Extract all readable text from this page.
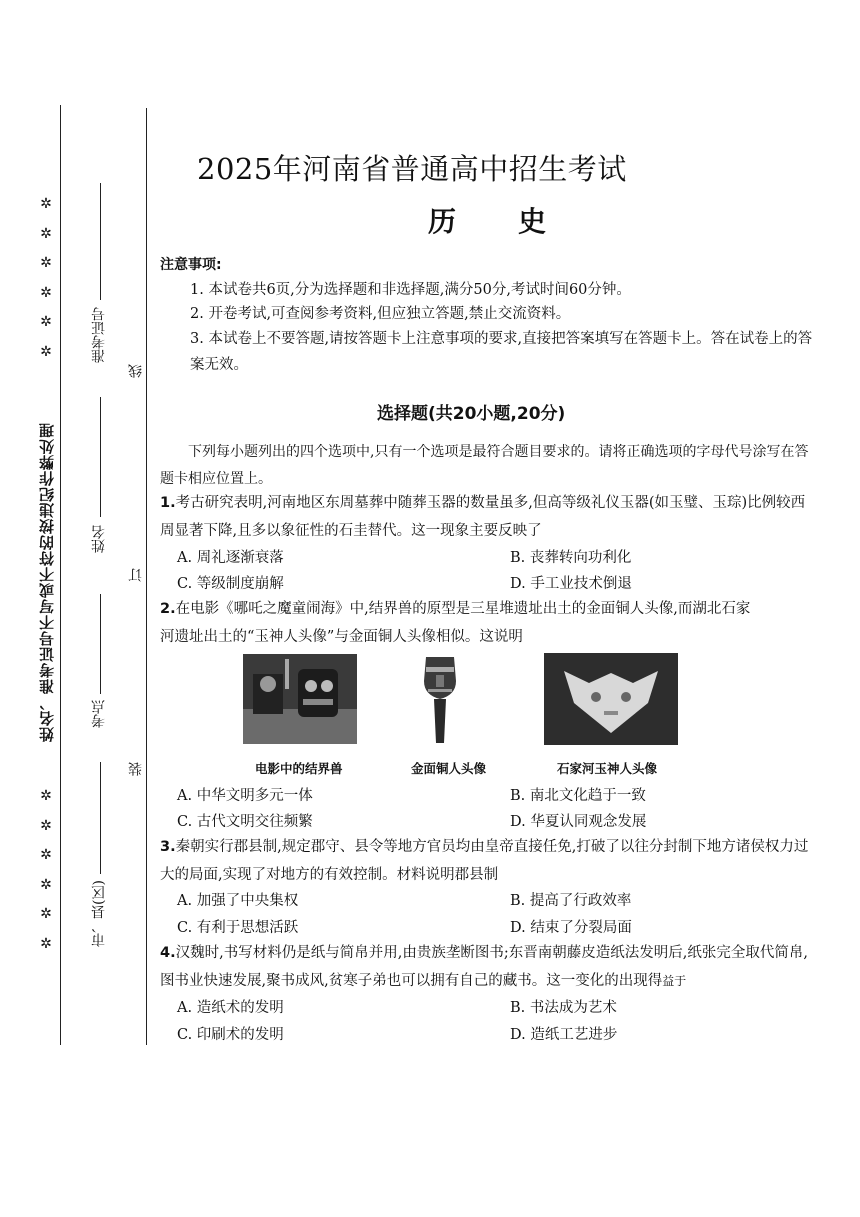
✲
✲
✲
✲
✲
✲
✲
✲
✲
✲
✲
✲
姓名、准考证号不写或不符的按违纪作弊处理
准考证号
姓名
考点
市、县(区)
线
订
装
2025年河南省普通高中招生考试
历史
注意事项:
1. 本试卷共6页,分为选择题和非选择题,满分50分,考试时间60分钟。
2. 开卷考试,可查阅参考资料,但应独立答题,禁止交流资料。
3. 本试卷上不要答题,请按答题卡上注意事项的要求,直接把答案填写在答题卡上。答在试卷上的答案无效。
选择题(共20小题,20分)
下列每小题列出的四个选项中,只有一个选项是最符合题目要求的。请将正确选项的字母代号涂写在答题卡相应位置上。
1.考古研究表明,河南地区东周墓葬中随葬玉器的数量虽多,但高等级礼仪玉器(如玉璧、玉琮)比例较西周显著下降,且多以象征性的石圭替代。这一现象主要反映了
A. 周礼逐渐衰落	B. 丧葬转向功利化
C. 等级制度崩解	D. 手工业技术倒退
2.在电影《哪吒之魔童闹海》中,结界兽的原型是三星堆遗址出土的金面铜人头像,而湖北石家河遗址出土的“玉神人头像”与金面铜人头像相似。这说明
电影中的结界兽	金面铜人头像	石家河玉神人头像
A. 中华文明多元一体	B. 南北文化趋于一致
C. 古代文明交往频繁	D. 华夏认同观念发展
3.秦朝实行郡县制,规定郡守、县令等地方官员均由皇帝直接任免,打破了以往分封制下地方诸侯权力过大的局面,实现了对地方的有效控制。材料说明郡县制
A. 加强了中央集权	B. 提高了行政效率
C. 有利于思想活跃	D. 结束了分裂局面
4.汉魏时,书写材料仍是纸与简帛并用,由贵族垄断图书;东晋南朝藤皮造纸法发明后,纸张完全取代简帛,图书业快速发展,聚书成风,贫寒子弟也可以拥有自己的藏书。这一变化的出现得益于
A. 造纸术的发明	B. 书法成为艺术
C. 印刷术的发明	D. 造纸工艺进步
